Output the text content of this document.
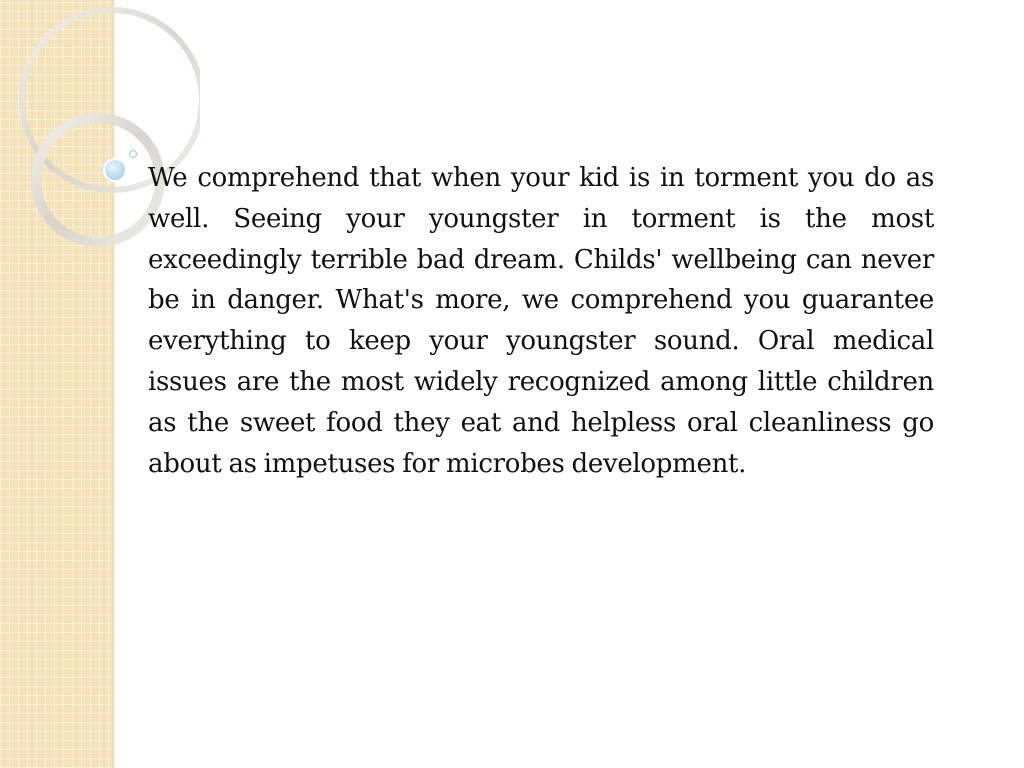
We comprehend that when your kid is in torment you do as well. Seeing your youngster in torment is the most exceedingly terrible bad dream. Childs' wellbeing can never be in danger. What's more, we comprehend you guarantee everything to keep your youngster sound. Oral medical issues are the most widely recognized among little children as the sweet food they eat and helpless oral cleanliness go about as impetuses for microbes development.
